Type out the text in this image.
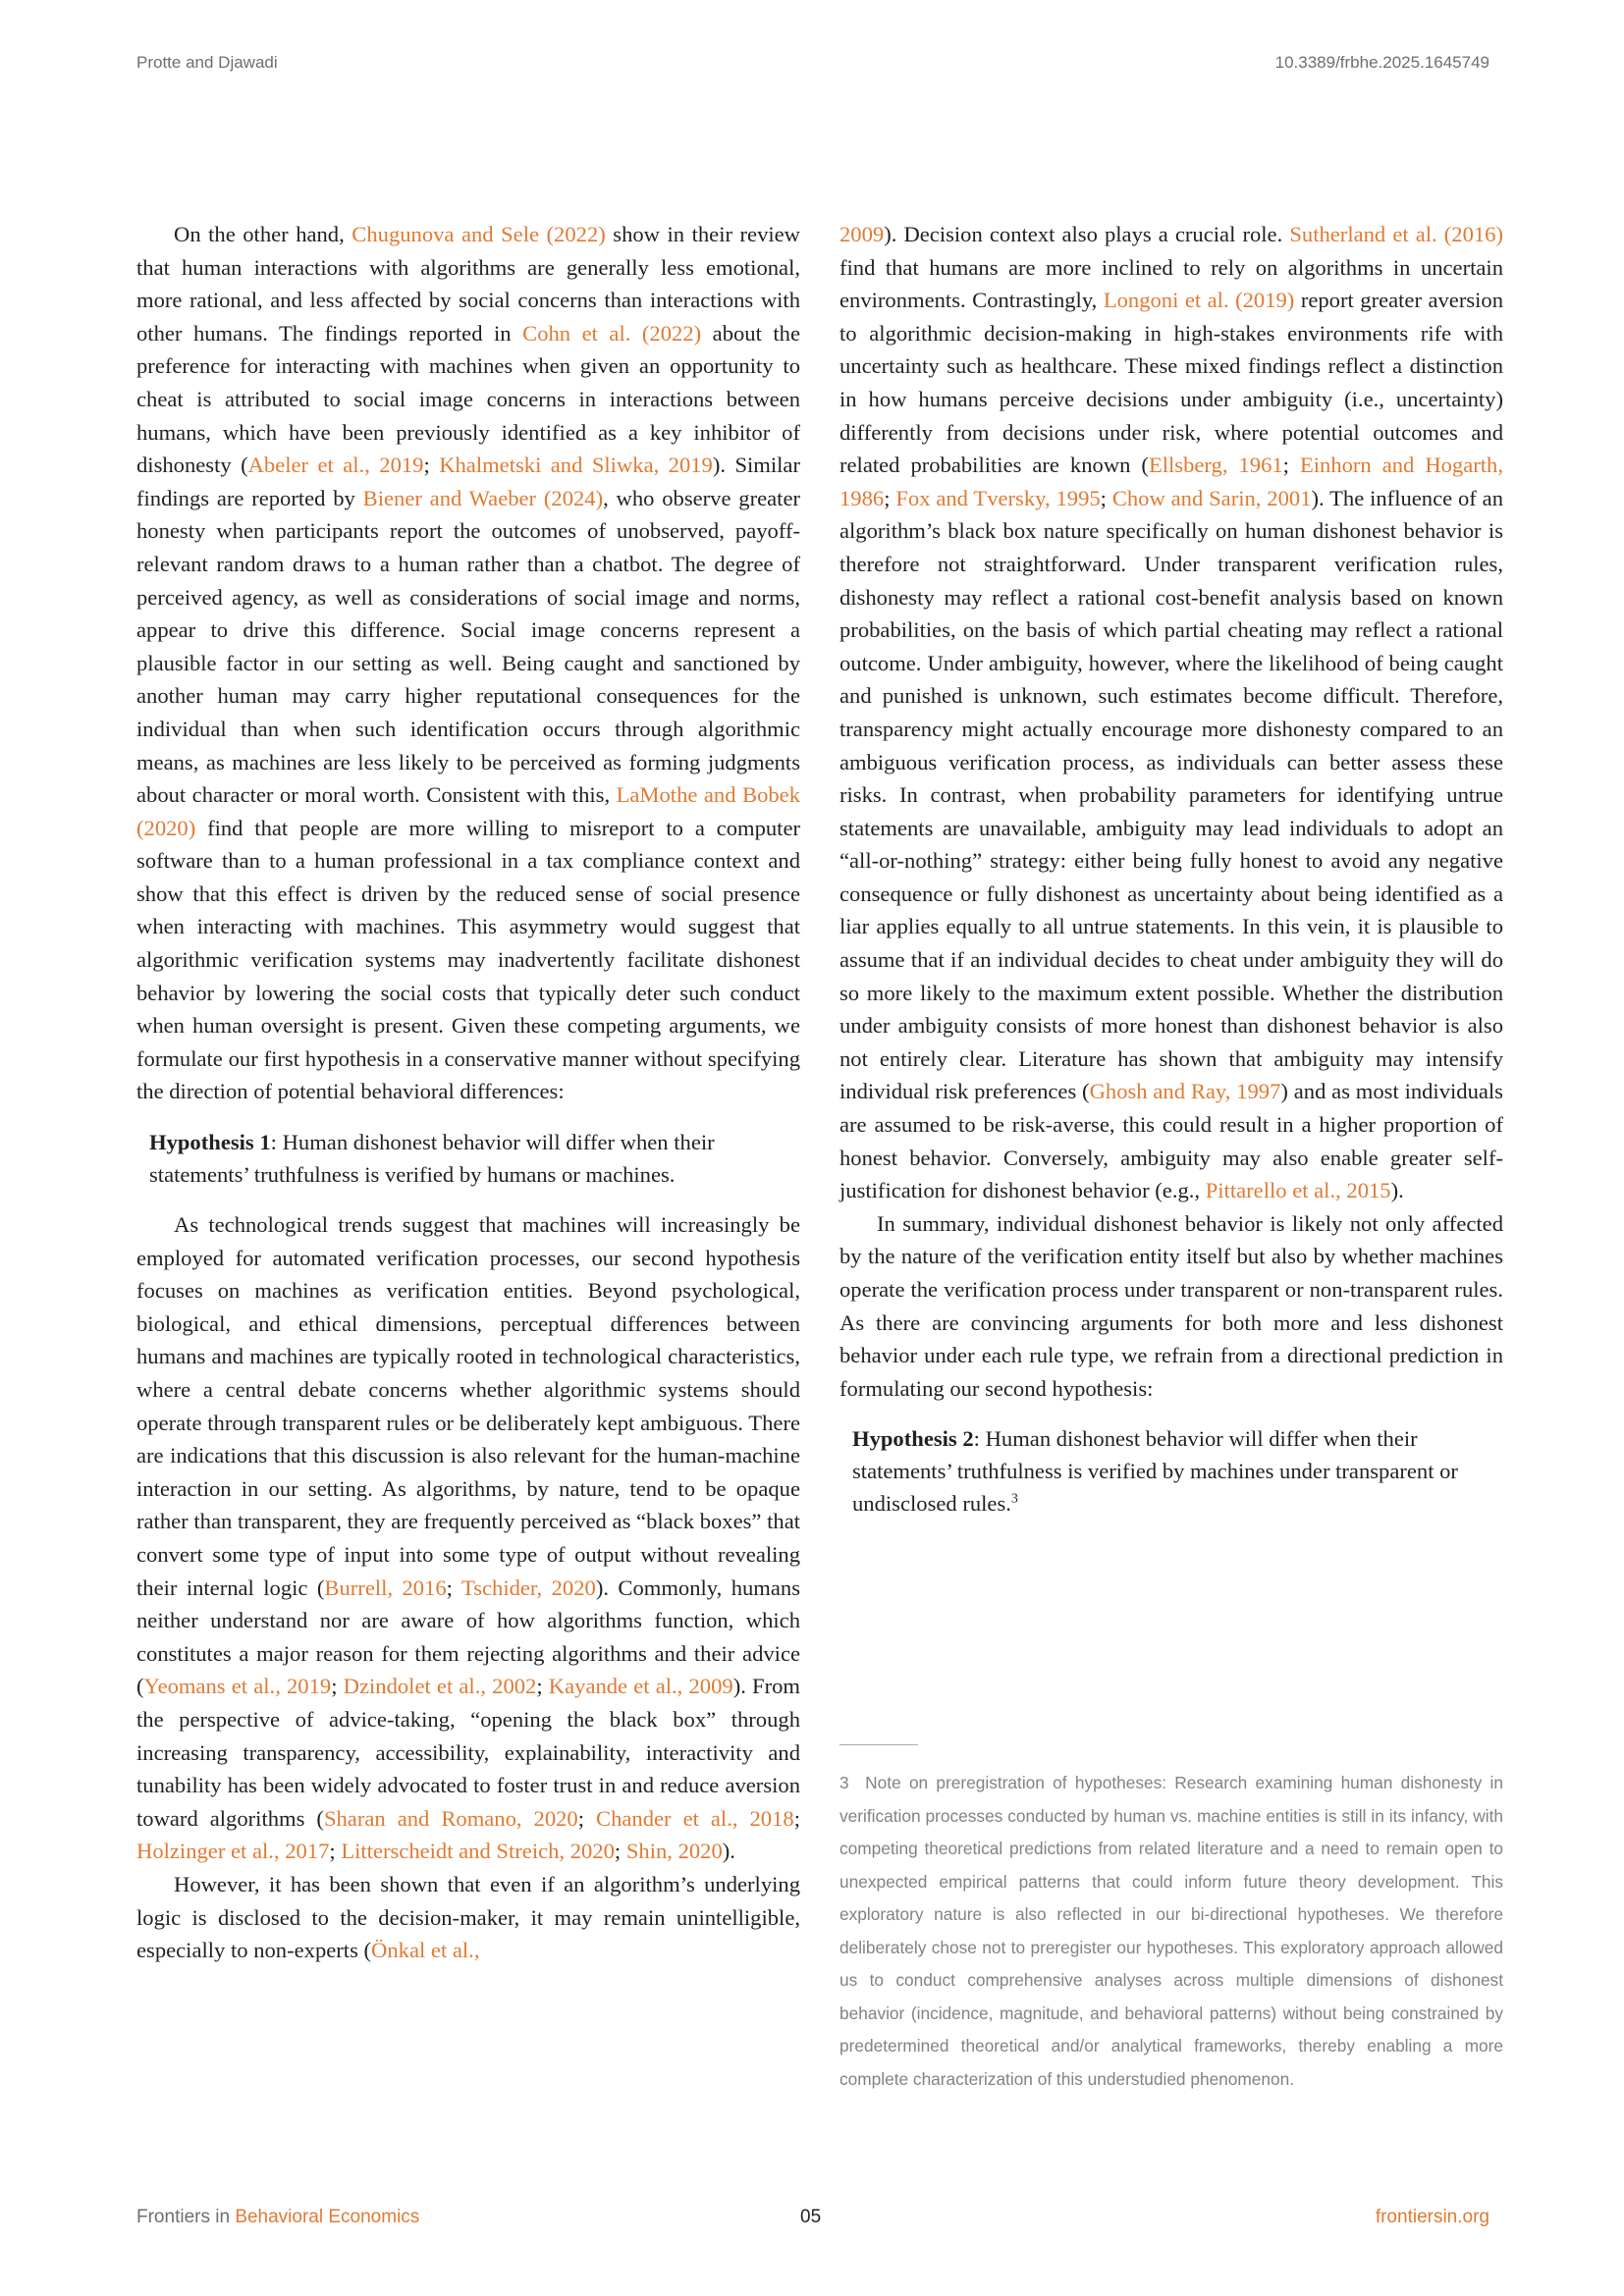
Protte and Djawadi	10.3389/frbhe.2025.1645749

On the other hand, Chugunova and Sele (2022) show in their review that human interactions with algorithms are generally less emotional, more rational, and less affected by social concerns than interactions with other humans. The findings reported in Cohn et al. (2022) about the preference for interacting with machines when given an opportunity to cheat is attributed to social image concerns in interactions between humans, which have been previously identified as a key inhibitor of dishonesty (Abeler et al., 2019; Khalmetski and Sliwka, 2019). Similar findings are reported by Biener and Waeber (2024), who observe greater honesty when participants report the outcomes of unobserved, payoff-relevant random draws to a human rather than a chatbot. The degree of perceived agency, as well as considerations of social image and norms, appear to drive this difference. Social image concerns represent a plausible factor in our setting as well. Being caught and sanctioned by another human may carry higher reputational consequences for the individual than when such identification occurs through algorithmic means, as machines are less likely to be perceived as forming judgments about character or moral worth. Consistent with this, LaMothe and Bobek (2020) find that people are more willing to misreport to a computer software than to a human professional in a tax compliance context and show that this effect is driven by the reduced sense of social presence when interacting with machines. This asymmetry would suggest that algorithmic verification systems may inadvertently facilitate dishonest behavior by lowering the social costs that typically deter such conduct when human oversight is present. Given these competing arguments, we formulate our first hypothesis in a conservative manner without specifying the direction of potential behavioral differences:

Hypothesis 1: Human dishonest behavior will differ when their statements’ truthfulness is verified by humans or machines.

As technological trends suggest that machines will increasingly be employed for automated verification processes, our second hypothesis focuses on machines as verification entities. Beyond psychological, biological, and ethical dimensions, perceptual differences between humans and machines are typically rooted in technological characteristics, where a central debate concerns whether algorithmic systems should operate through transparent rules or be deliberately kept ambiguous. There are indications that this discussion is also relevant for the human-machine interaction in our setting. As algorithms, by nature, tend to be opaque rather than transparent, they are frequently perceived as “black boxes” that convert some type of input into some type of output without revealing their internal logic (Burrell, 2016; Tschider, 2020). Commonly, humans neither understand nor are aware of how algorithms function, which constitutes a major reason for them rejecting algorithms and their advice (Yeomans et al., 2019; Dzindolet et al., 2002; Kayande et al., 2009). From the perspective of advice-taking, “opening the black box” through increasing transparency, accessibility, explainability, interactivity and tunability has been widely advocated to foster trust in and reduce aversion toward algorithms (Sharan and Romano, 2020; Chander et al., 2018; Holzinger et al., 2017; Litterscheidt and Streich, 2020; Shin, 2020).

However, it has been shown that even if an algorithm’s underlying logic is disclosed to the decision-maker, it may remain unintelligible, especially to non-experts (Önkal et al.,

2009). Decision context also plays a crucial role. Sutherland et al. (2016) find that humans are more inclined to rely on algorithms in uncertain environments. Contrastingly, Longoni et al. (2019) report greater aversion to algorithmic decision-making in high-stakes environments rife with uncertainty such as healthcare. These mixed findings reflect a distinction in how humans perceive decisions under ambiguity (i.e., uncertainty) differently from decisions under risk, where potential outcomes and related probabilities are known (Ellsberg, 1961; Einhorn and Hogarth, 1986; Fox and Tversky, 1995; Chow and Sarin, 2001). The influence of an algorithm’s black box nature specifically on human dishonest behavior is therefore not straightforward. Under transparent verification rules, dishonesty may reflect a rational cost-benefit analysis based on known probabilities, on the basis of which partial cheating may reflect a rational outcome. Under ambiguity, however, where the likelihood of being caught and punished is unknown, such estimates become difficult. Therefore, transparency might actually encourage more dishonesty compared to an ambiguous verification process, as individuals can better assess these risks. In contrast, when probability parameters for identifying untrue statements are unavailable, ambiguity may lead individuals to adopt an “all-or-nothing” strategy: either being fully honest to avoid any negative consequence or fully dishonest as uncertainty about being identified as a liar applies equally to all untrue statements. In this vein, it is plausible to assume that if an individual decides to cheat under ambiguity they will do so more likely to the maximum extent possible. Whether the distribution under ambiguity consists of more honest than dishonest behavior is also not entirely clear. Literature has shown that ambiguity may intensify individual risk preferences (Ghosh and Ray, 1997) and as most individuals are assumed to be risk-averse, this could result in a higher proportion of honest behavior. Conversely, ambiguity may also enable greater self-justification for dishonest behavior (e.g., Pittarello et al., 2015).

In summary, individual dishonest behavior is likely not only affected by the nature of the verification entity itself but also by whether machines operate the verification process under transparent or non-transparent rules. As there are convincing arguments for both more and less dishonest behavior under each rule type, we refrain from a directional prediction in formulating our second hypothesis:

Hypothesis 2: Human dishonest behavior will differ when their statements’ truthfulness is verified by machines under transparent or undisclosed rules.$^3$

3 Note on preregistration of hypotheses: Research examining human dishonesty in verification processes conducted by human vs. machine entities is still in its infancy, with competing theoretical predictions from related literature and a need to remain open to unexpected empirical patterns that could inform future theory development. This exploratory nature is also reflected in our bi-directional hypotheses. We therefore deliberately chose not to preregister our hypotheses. This exploratory approach allowed us to conduct comprehensive analyses across multiple dimensions of dishonest behavior (incidence, magnitude, and behavioral patterns) without being constrained by predetermined theoretical and/or analytical frameworks, thereby enabling a more complete characterization of this understudied phenomenon.
Frontiers in Behavioral Economics	05	frontiersin.org
